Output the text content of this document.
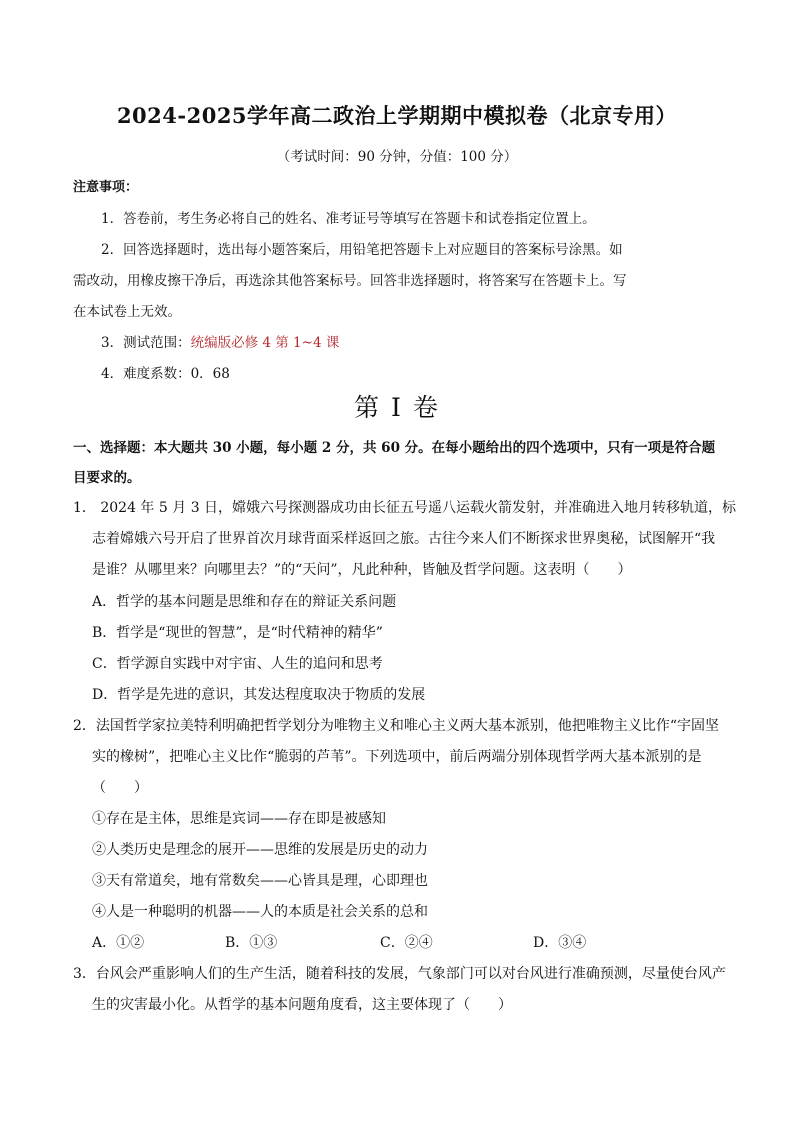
2024-2025学年高二政治上学期期中模拟卷（北京专用）
（考试时间：90 分钟，分值：100 分）
注意事项：
1．答卷前，考生务必将自己的姓名、准考证号等填写在答题卡和试卷指定位置上。
2．回答选择题时，选出每小题答案后，用铅笔把答题卡上对应题目的答案标号涂黑。如
需改动，用橡皮擦干净后，再选涂其他答案标号。回答非选择题时，将答案写在答题卡上。写
在本试卷上无效。
3．测试范围：统编版必修 4 第 1~4 课
4．难度系数：0．68
第 I 卷
一、选择题：本大题共 30 小题，每小题 2 分，共 60 分。在每小题给出的四个选项中，只有一项是符合题
目要求的。
1． 2024 年 5 月 3 日，嫦娥六号探测器成功由长征五号遥八运载火箭发射，并准确进入地月转移轨道，标
志着嫦娥六号开启了世界首次月球背面采样返回之旅。古往今来人们不断探求世界奥秘，试图解开“我
是谁？从哪里来？向哪里去？”的“天问”，凡此种种，皆触及哲学问题。这表明（　　）
A．哲学的基本问题是思维和存在的辩证关系问题
B．哲学是“现世的智慧”，是“时代精神的精华”
C．哲学源自实践中对宇宙、人生的追问和思考
D．哲学是先进的意识，其发达程度取决于物质的发展
2．法国哲学家拉美特利明确把哲学划分为唯物主义和唯心主义两大基本派别，他把唯物主义比作“宇固坚
实的橡树”，把唯心主义比作“脆弱的芦苇”。下列选项中，前后两端分别体现哲学两大基本派别的是
（　　）
①存在是主体，思维是宾词——存在即是被感知
②人类历史是理念的展开——思维的发展是历史的动力
③天有常道矣，地有常数矣——心皆具是理，心即理也
④人是一种聪明的机器——人的本质是社会关系的总和
A．①②	B．①③	C．②④	D．③④
3．台风会严重影响人们的生产生活，随着科技的发展，气象部门可以对台风进行准确预测，尽量使台风产
生的灾害最小化。从哲学的基本问题角度看，这主要体现了（　　）
